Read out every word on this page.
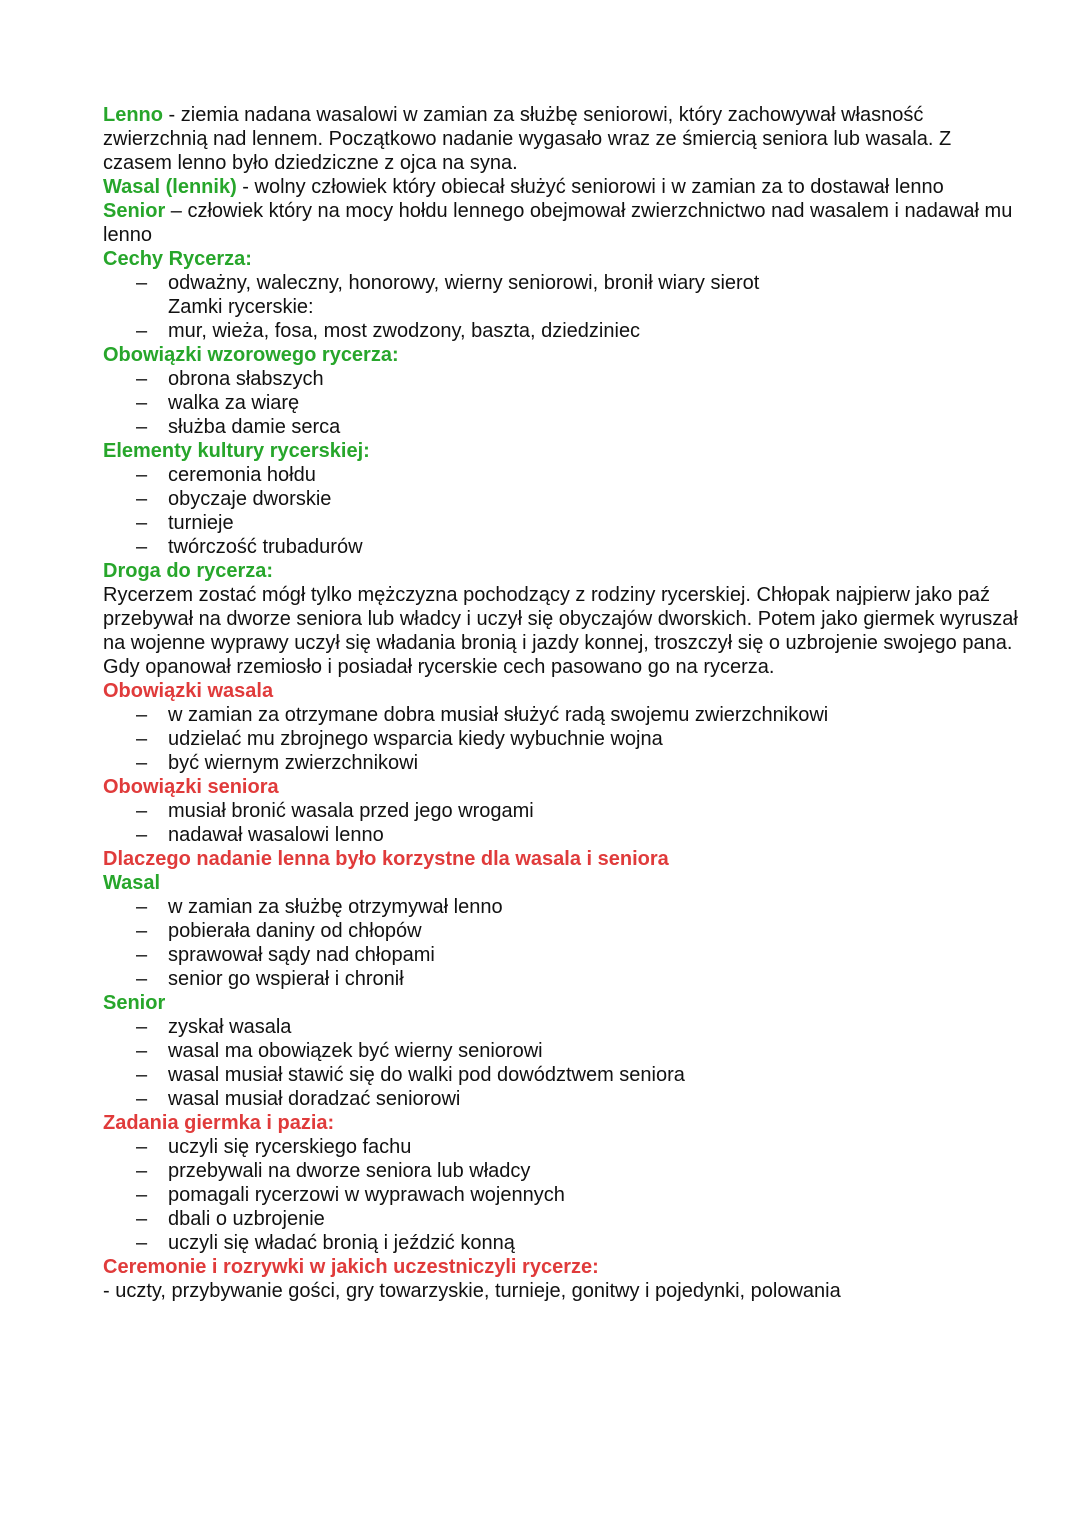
Lenno - ziemia nadana wasalowi w zamian za służbę seniorowi, który zachowywał własność zwierzchnią nad lennem. Początkowo nadanie wygasało wraz ze śmiercią seniora lub wasala. Z czasem lenno było dziedziczne z ojca na syna.

Wasal (lennik) - wolny człowiek który obiecał służyć seniorowi i w zamian za to dostawał lenno

Senior – człowiek który na mocy hołdu lennego obejmował zwierzchnictwo nad wasalem i nadawał mu lenno

Cechy Rycerza:

– odważny, waleczny, honorowy, wierny seniorowi, bronił wiary sierot

Zamki rycerskie:

– mur, wieża, fosa, most zwodzony, baszta, dziedziniec

Obowiązki wzorowego rycerza:

– obrona słabszych
– walka za wiarę
– służba damie serca

Elementy kultury rycerskiej:

– ceremonia hołdu
– obyczaje dworskie
– turnieje
– twórczość trubadurów

Droga do rycerza:

Rycerzem zostać mógł tylko mężczyzna pochodzący z rodziny rycerskiej. Chłopak najpierw jako paź przebywał na dworze seniora lub władcy i uczył się obyczajów dworskich. Potem jako giermek wyruszał na wojenne wyprawy uczył się władania bronią i jazdy konnej, troszczył się o uzbrojenie swojego pana. Gdy opanował rzemiosło i posiadał rycerskie cech pasowano go na rycerza.

Obowiązki wasala

– w zamian za otrzymane dobra musiał służyć radą swojemu zwierzchnikowi
– udzielać mu zbrojnego wsparcia kiedy wybuchnie wojna
– być wiernym zwierzchnikowi

Obowiązki seniora

– musiał bronić wasala przed jego wrogami
– nadawał wasalowi lenno

Dlaczego nadanie lenna było korzystne dla wasala i seniora

Wasal

– w zamian za służbę otrzymywał lenno
– pobierała daniny od chłopów
– sprawował sądy nad chłopami
– senior go wspierał i chronił

Senior

– zyskał wasala
– wasal ma obowiązek być wierny seniorowi
– wasal musiał stawić się do walki pod dowództwem seniora
– wasal musiał doradzać seniorowi

Zadania giermka i pazia:

– uczyli się rycerskiego fachu
– przebywali na dworze seniora lub władcy
– pomagali rycerzowi w wyprawach wojennych
– dbali o uzbrojenie
– uczyli się władać bronią i jeździć konną

Ceremonie i rozrywki w jakich uczestniczyli rycerze:

- uczty, przybywanie gości, gry towarzyskie, turnieje, gonitwy i pojedynki, polowania
